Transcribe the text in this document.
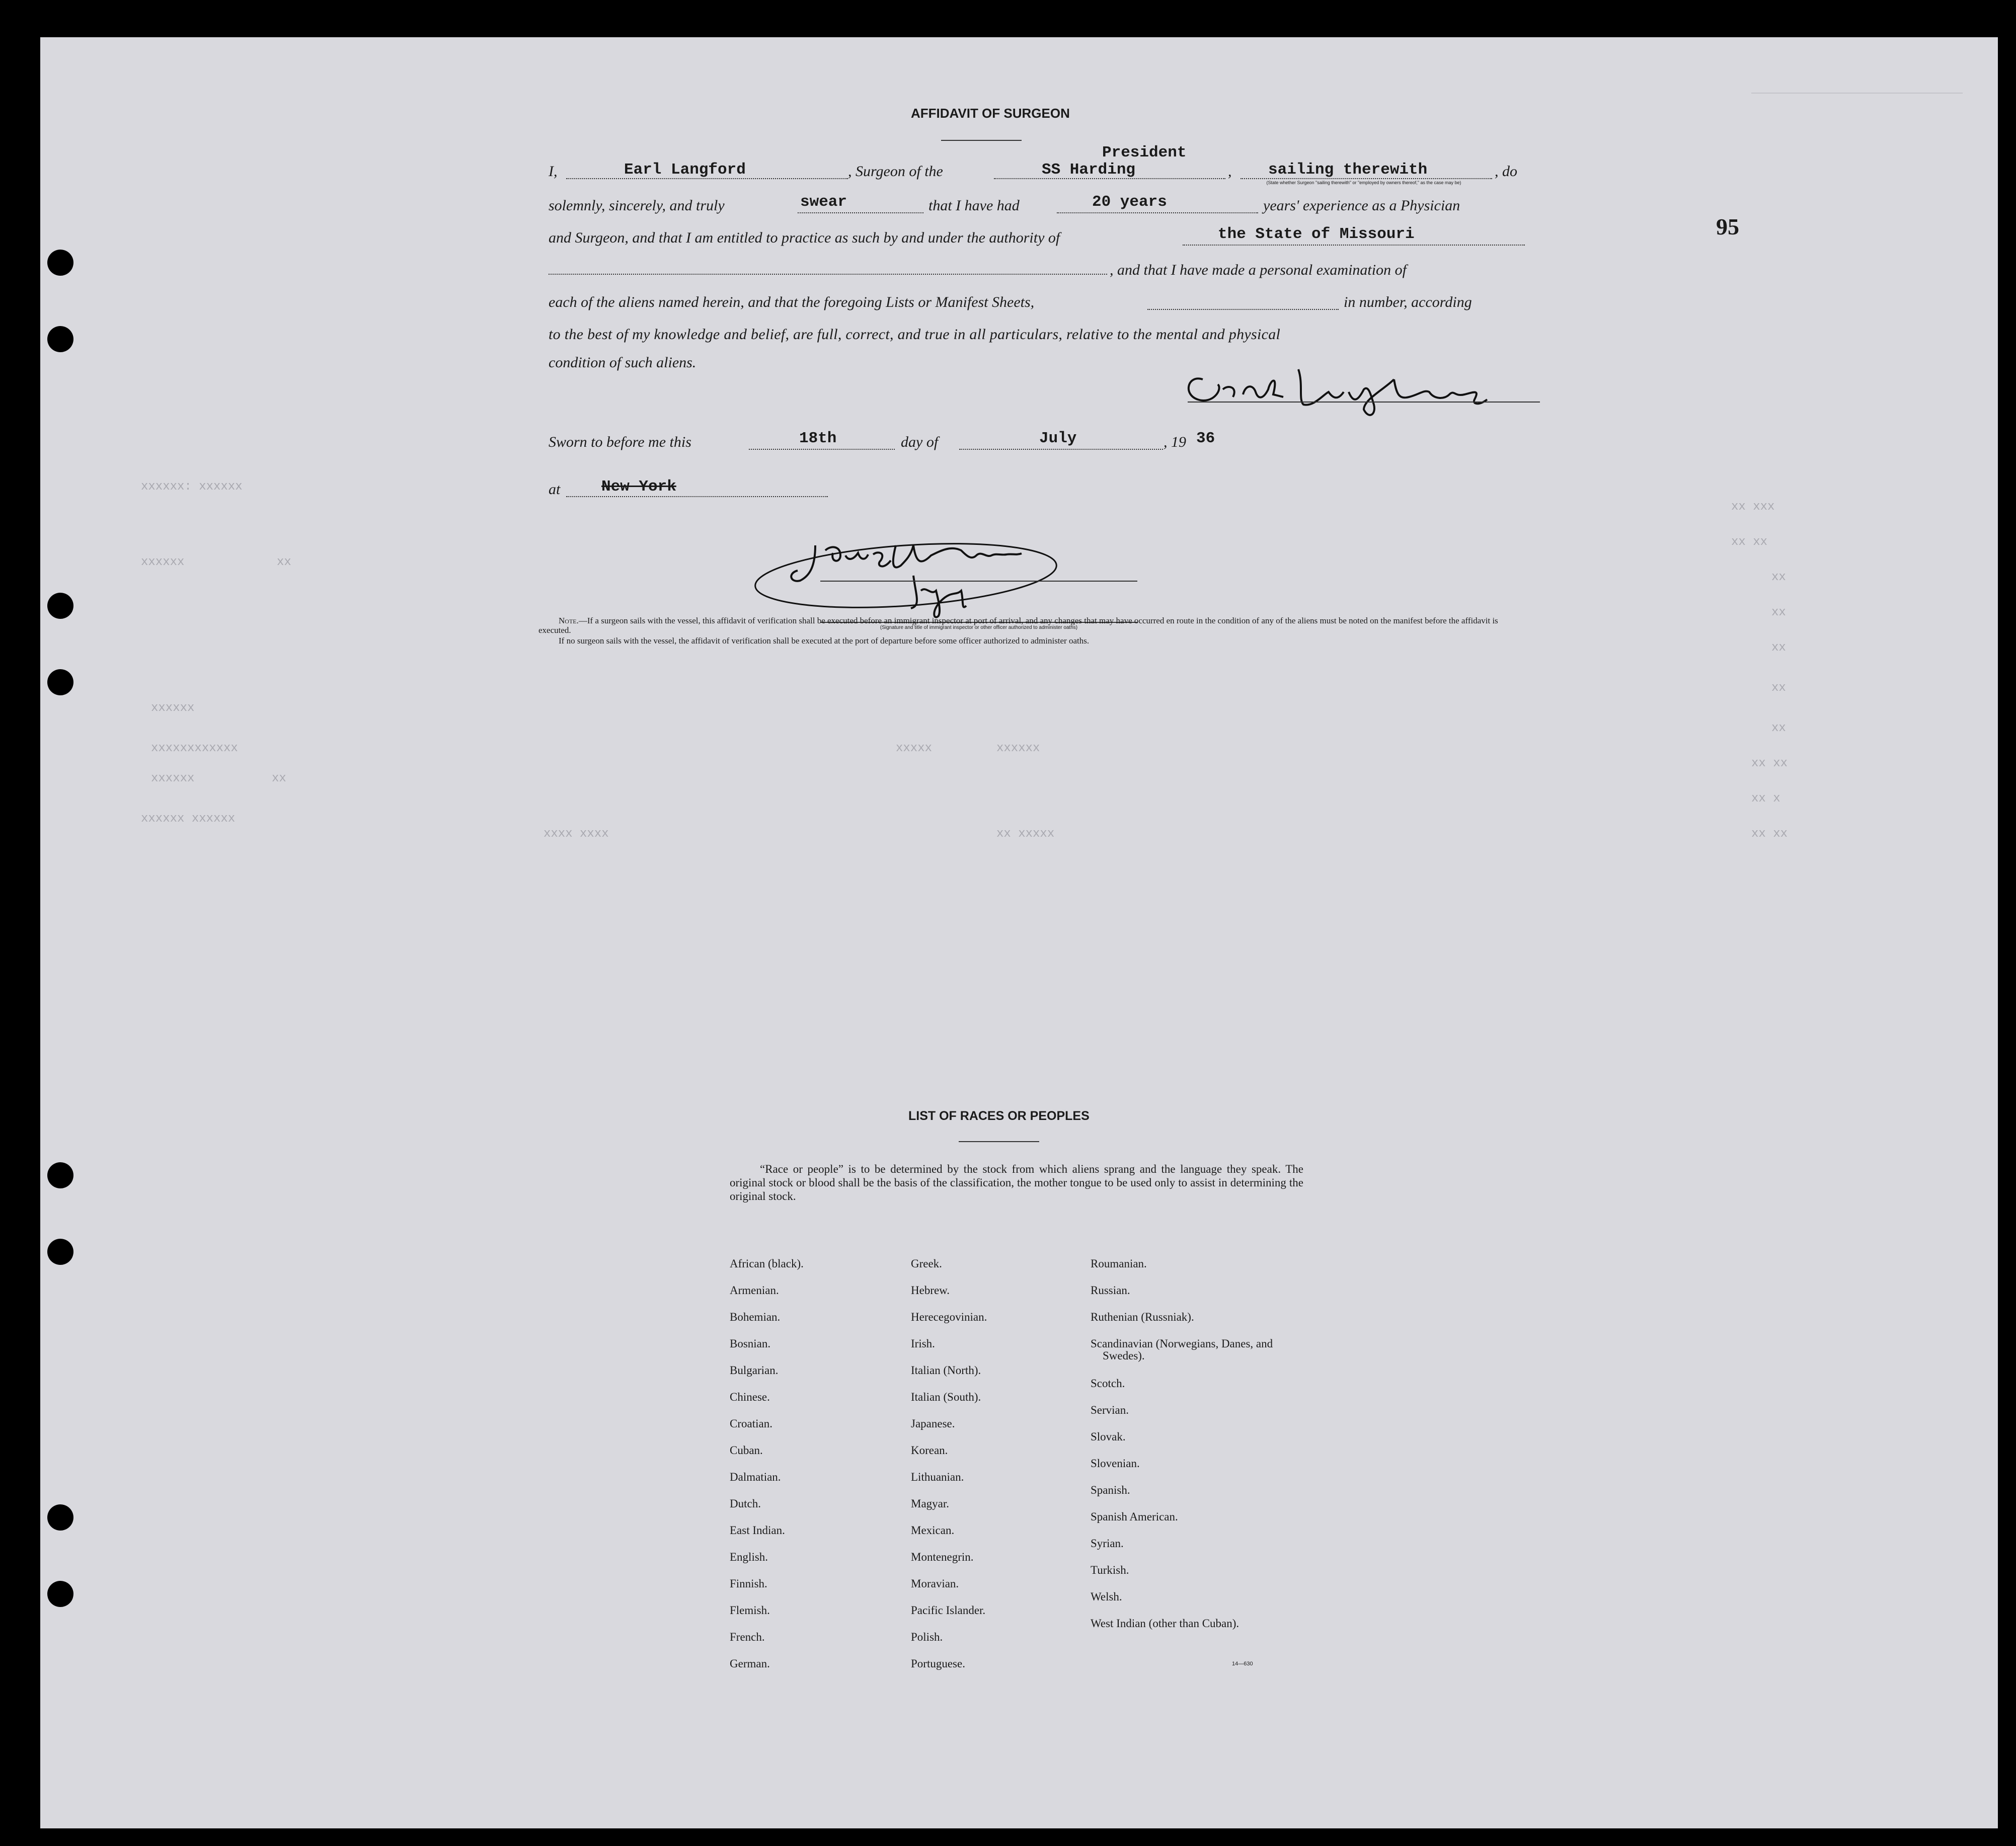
95
xxxxxx: xxxxxx
xxxxxx	xx
xxxxxx
xxxxxxxxxxxx
xxxxxx	xx
xxxxxx xxxxxx
xx xxx
xx xx
xx
xx
xx
xx
xx
xx xx
xx x
xx xx
xxxxx	xxxxxx
xxxx xxxx	xx xxxxx
AFFIDAVIT OF SURGEON
I,	Earl Langford	, Surgeon of the
President
SS Harding	, sailing therewith
(State whether Surgeon "sailing therewith" or "employed by owners thereof," as the case may be)
, do
solemnly, sincerely, and truly	swear	that I have had	20 years	years' experience as a Physician
and Surgeon, and that I am entitled to practice as such by and under the authority of	the State of Missouri
, and that I have made a personal examination of
each of the aliens named herein, and that the foregoing Lists or Manifest Sheets,	in number, according
to the best of my knowledge and belief, are full, correct, and true in all particulars, relative to the mental and physical
condition of such aliens.
Sworn to before me this	18th	day of	July	, 19 36
at	New York
(Signature and title of immigrant inspector or other officer authorized to administer oaths)
Note.—If a surgeon sails with the vessel, this affidavit of verification shall be executed before an immigrant inspector at port of arrival, and any changes that may have occurred en route in the condition of any of the aliens must be noted on the manifest before the affidavit is executed.
If no surgeon sails with the vessel, the affidavit of verification shall be executed at the port of departure before some officer authorized to administer oaths.
LIST OF RACES OR PEOPLES
“Race or people” is to be determined by the stock from which aliens sprang and the language they speak. The original stock or blood shall be the basis of the classification, the mother tongue to be used only to assist in determining the original stock.
African (black).
Armenian.
Bohemian.
Bosnian.
Bulgarian.
Chinese.
Croatian.
Cuban.
Dalmatian.
Dutch.
East Indian.
English.
Finnish.
Flemish.
French.
German.
Greek.
Hebrew.
Herecegovinian.
Irish.
Italian (North).
Italian (South).
Japanese.
Korean.
Lithuanian.
Magyar.
Mexican.
Montenegrin.
Moravian.
Pacific Islander.
Polish.
Portuguese.
Roumanian.
Russian.
Ruthenian (Russniak).
Scandinavian (Norwegians, Danes, and Swedes).
Scotch.
Servian.
Slovak.
Slovenian.
Spanish.
Spanish American.
Syrian.
Turkish.
Welsh.
West Indian (other than Cuban).
14—630
